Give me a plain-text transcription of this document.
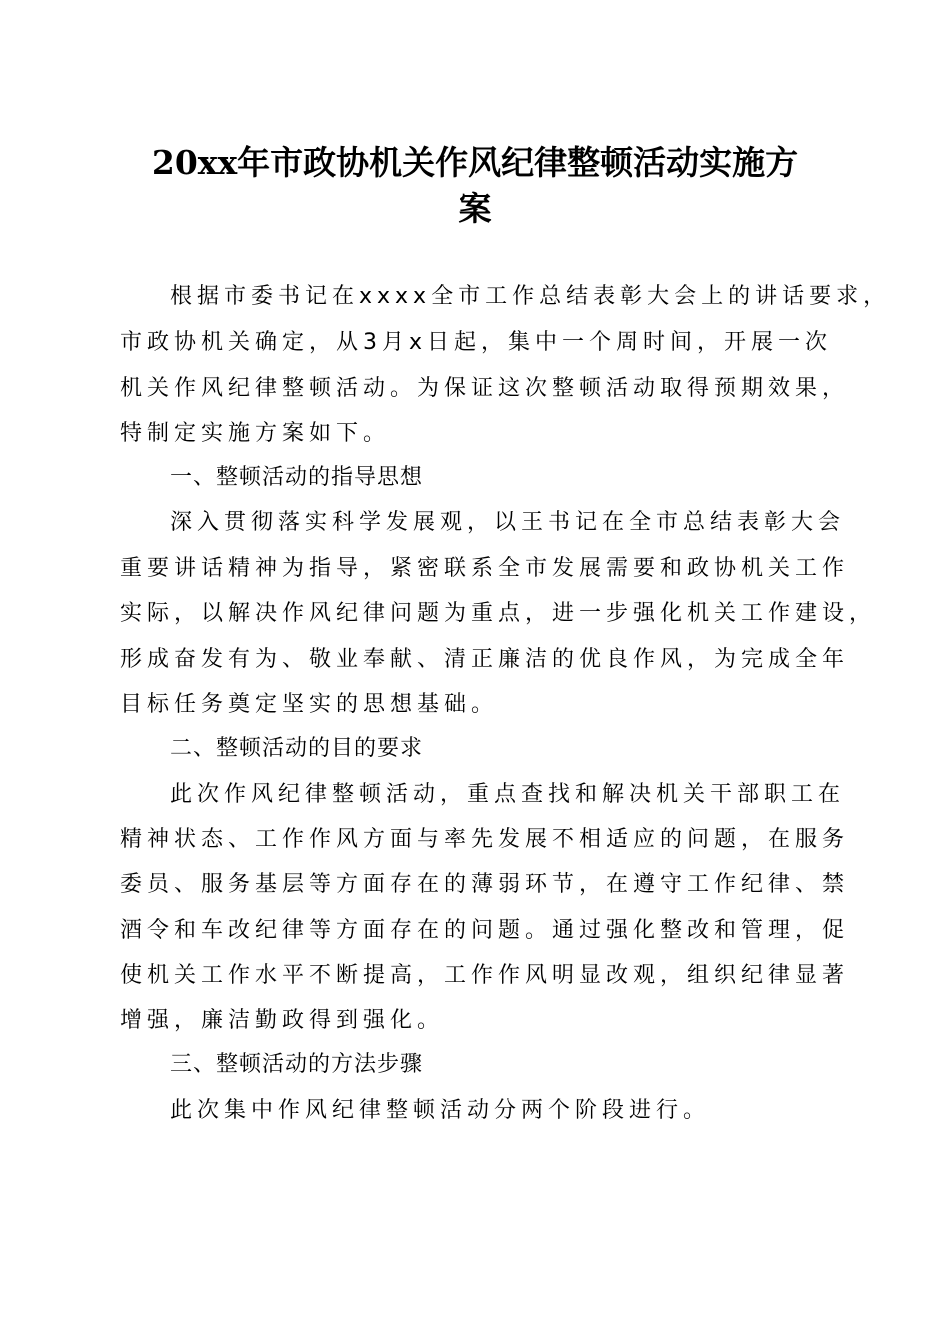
20xx年市政协机关作风纪律整顿活动实施方
案

根据市委书记在xxxx全市工作总结表彰大会上的讲话要求，

市政协机关确定，从3月x日起，集中一个周时间，开展一次

机关作风纪律整顿活动。为保证这次整顿活动取得预期效果，

特制定实施方案如下。

一、整顿活动的指导思想

深入贯彻落实科学发展观，以王书记在全市总结表彰大会

重要讲话精神为指导，紧密联系全市发展需要和政协机关工作

实际，以解决作风纪律问题为重点，进一步强化机关工作建设，

形成奋发有为、敬业奉献、清正廉洁的优良作风，为完成全年

目标任务奠定坚实的思想基础。

二、整顿活动的目的要求

此次作风纪律整顿活动，重点查找和解决机关干部职工在

精神状态、工作作风方面与率先发展不相适应的问题，在服务

委员、服务基层等方面存在的薄弱环节，在遵守工作纪律、禁

酒令和车改纪律等方面存在的问题。通过强化整改和管理，促

使机关工作水平不断提高，工作作风明显改观，组织纪律显著

增强，廉洁勤政得到强化。

三、整顿活动的方法步骤

此次集中作风纪律整顿活动分两个阶段进行。
